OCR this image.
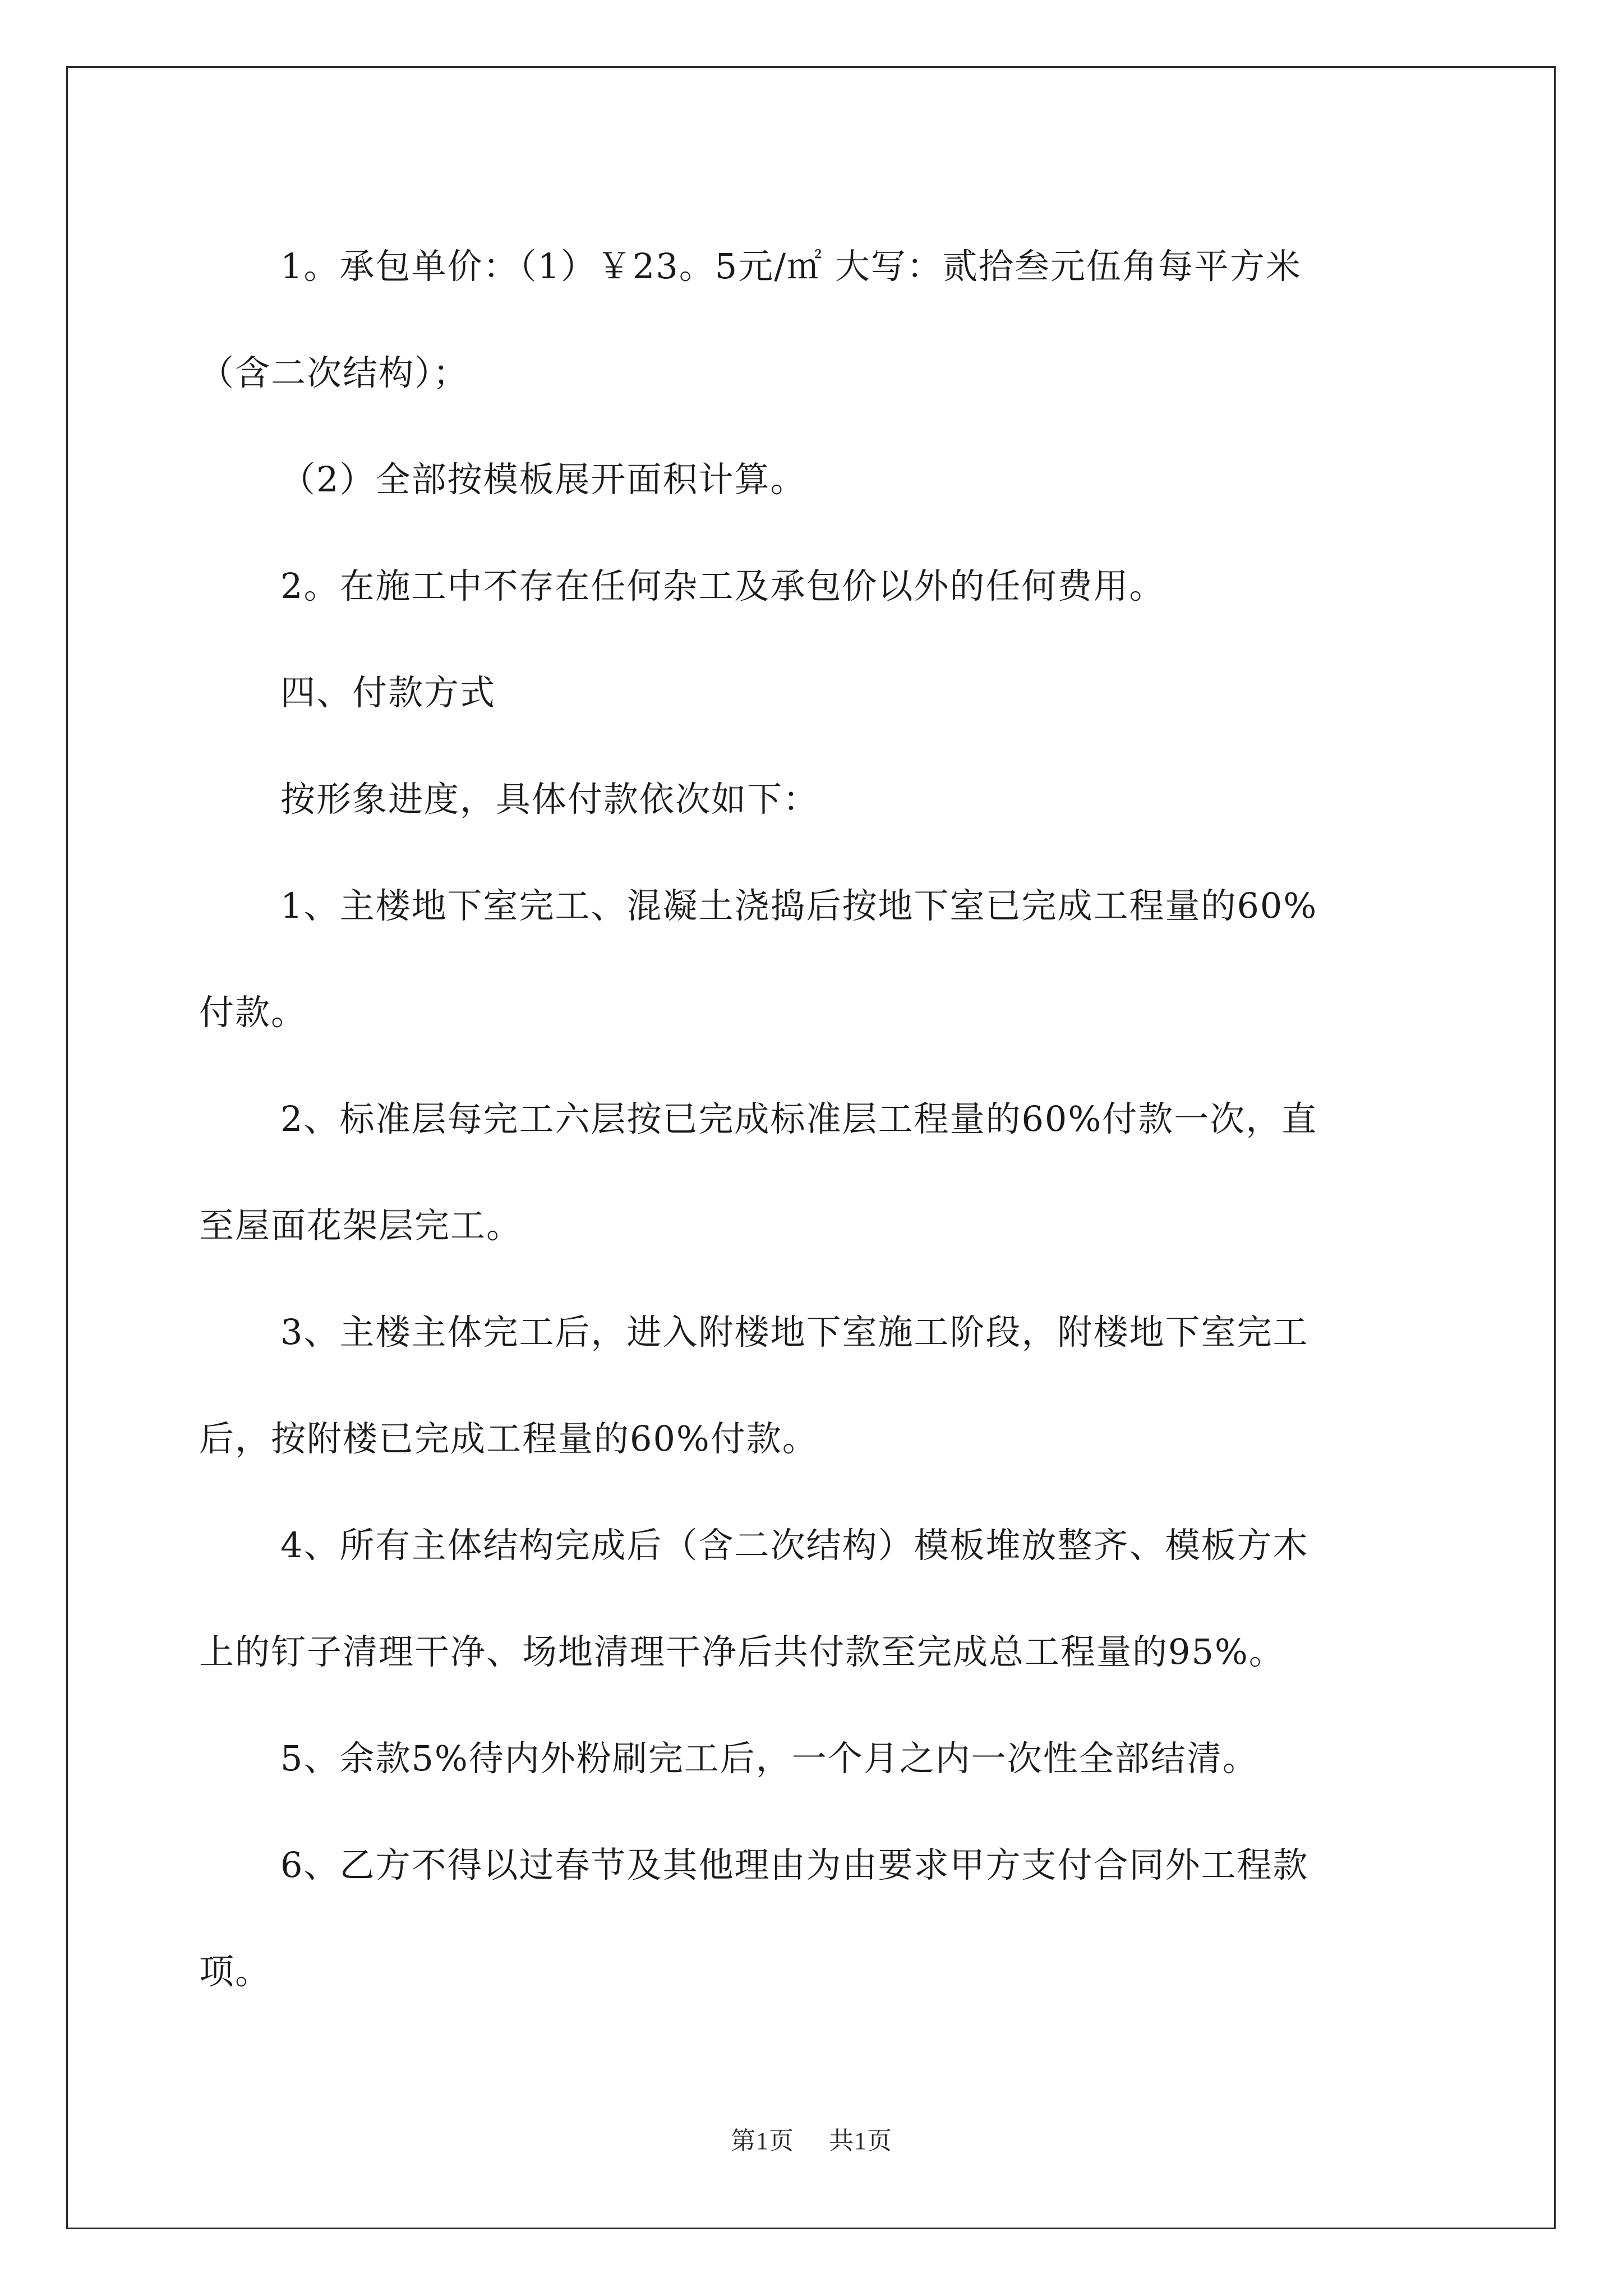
1。承包单价：（1）￥23。5元/㎡ 大写：贰拾叁元伍角每平方米

（含二次结构）；

（2）全部按模板展开面积计算。

2。在施工中不存在任何杂工及承包价以外的任何费用。

四、付款方式

按形象进度，具体付款依次如下：

1、主楼地下室完工、混凝土浇捣后按地下室已完成工程量的60%

付款。

2、标准层每完工六层按已完成标准层工程量的60%付款一次，直

至屋面花架层完工。

3、主楼主体完工后，进入附楼地下室施工阶段，附楼地下室完工

后，按附楼已完成工程量的60%付款。

4、所有主体结构完成后（含二次结构）模板堆放整齐、模板方木

上的钉子清理干净、场地清理干净后共付款至完成总工程量的95%。

5、余款5%待内外粉刷完工后，一个月之内一次性全部结清。

6、乙方不得以过春节及其他理由为由要求甲方支付合同外工程款

项。

第1页 共1页
